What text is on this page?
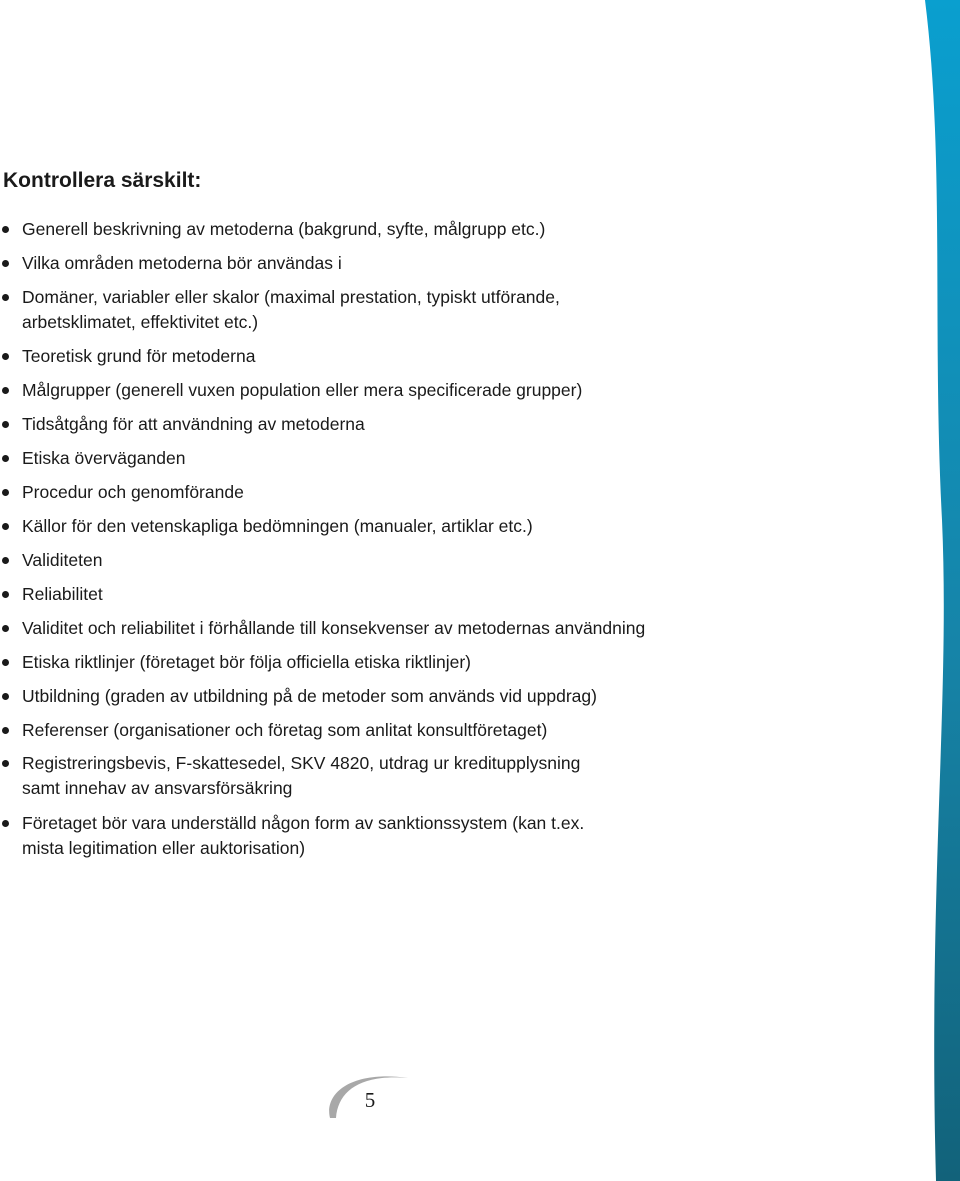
Kontrollera särskilt:
Generell beskrivning av metoderna (bakgrund, syfte, målgrupp etc.)
Vilka områden metoderna bör användas i
Domäner, variabler eller skalor (maximal prestation, typiskt utförande,
arbetsklimatet, effektivitet etc.)
Teoretisk grund för metoderna
Målgrupper (generell vuxen population eller mera specificerade grupper)
Tidsåtgång för att användning av metoderna
Etiska överväganden
Procedur och genomförande
Källor för den vetenskapliga bedömningen (manualer, artiklar etc.)
Validiteten
Reliabilitet
Validitet och reliabilitet i förhållande till konsekvenser av metodernas användning
Etiska riktlinjer (företaget bör följa officiella etiska riktlinjer)
Utbildning (graden av utbildning på de metoder som används vid uppdrag)
Referenser (organisationer och företag som anlitat konsultföretaget)
Registreringsbevis, F-skattesedel, SKV 4820, utdrag ur kreditupplysning
samt innehav av ansvarsförsäkring
Företaget bör vara underställd någon form av sanktionssystem (kan t.ex.
mista legitimation eller auktorisation)
5
